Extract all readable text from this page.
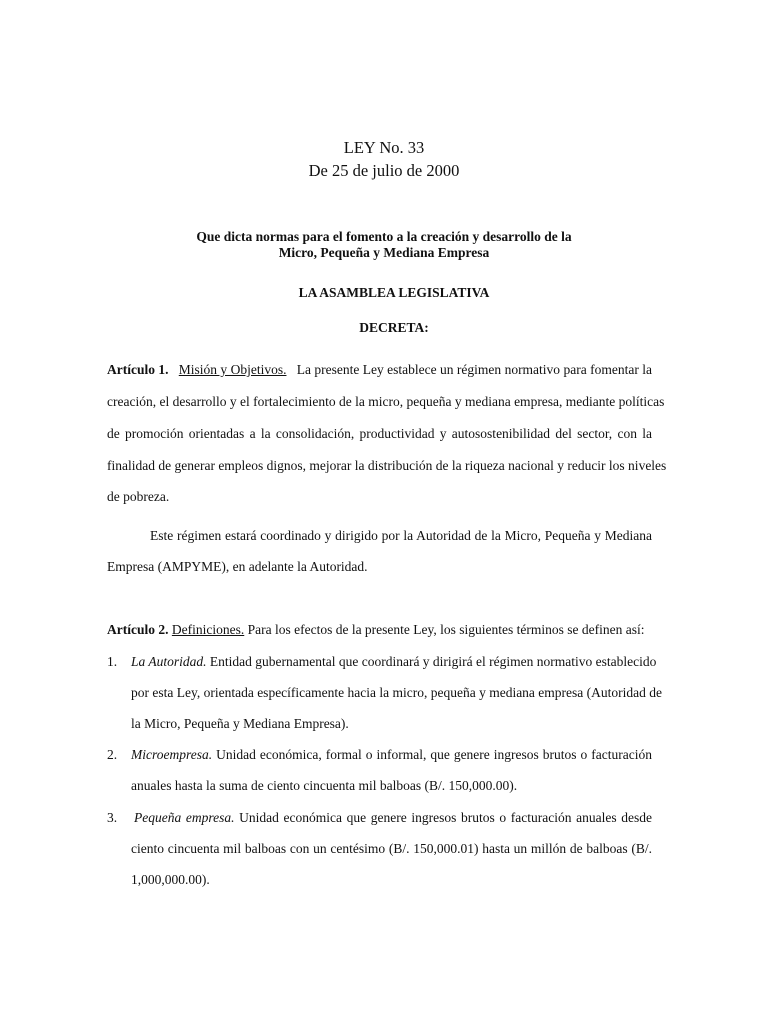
LEY No. 33
De 25 de julio de 2000
Que dicta normas para el fomento a la creación y desarrollo de la
Micro, Pequeña y Mediana Empresa
LA ASAMBLEA LEGISLATIVA
DECRETA:
Artículo 1. Misión y Objetivos. La presente Ley establece un régimen normativo para fomentar la
creación, el desarrollo y el fortalecimiento de la micro, pequeña y mediana empresa, mediante políticas
de promoción orientadas a la consolidación, productividad y autosostenibilidad del sector, con la
finalidad de generar empleos dignos, mejorar la distribución de la riqueza nacional y reducir los niveles
de pobreza.
Este régimen estará coordinado y dirigido por la Autoridad de la Micro, Pequeña y Mediana
Empresa (AMPYME), en adelante la Autoridad.
Artículo 2. Definiciones. Para los efectos de la presente Ley, los siguientes términos se definen así:
1. La Autoridad. Entidad gubernamental que coordinará y dirigirá el régimen normativo establecido
por esta Ley, orientada específicamente hacia la micro, pequeña y mediana empresa (Autoridad de
la Micro, Pequeña y Mediana Empresa).
2. Microempresa. Unidad económica, formal o informal, que genere ingresos brutos o facturación
anuales hasta la suma de ciento cincuenta mil balboas (B/. 150,000.00).
3. Pequeña empresa. Unidad económica que genere ingresos brutos o facturación anuales desde
ciento cincuenta mil balboas con un centésimo (B/. 150,000.01) hasta un millón de balboas (B/.
1,000,000.00).
